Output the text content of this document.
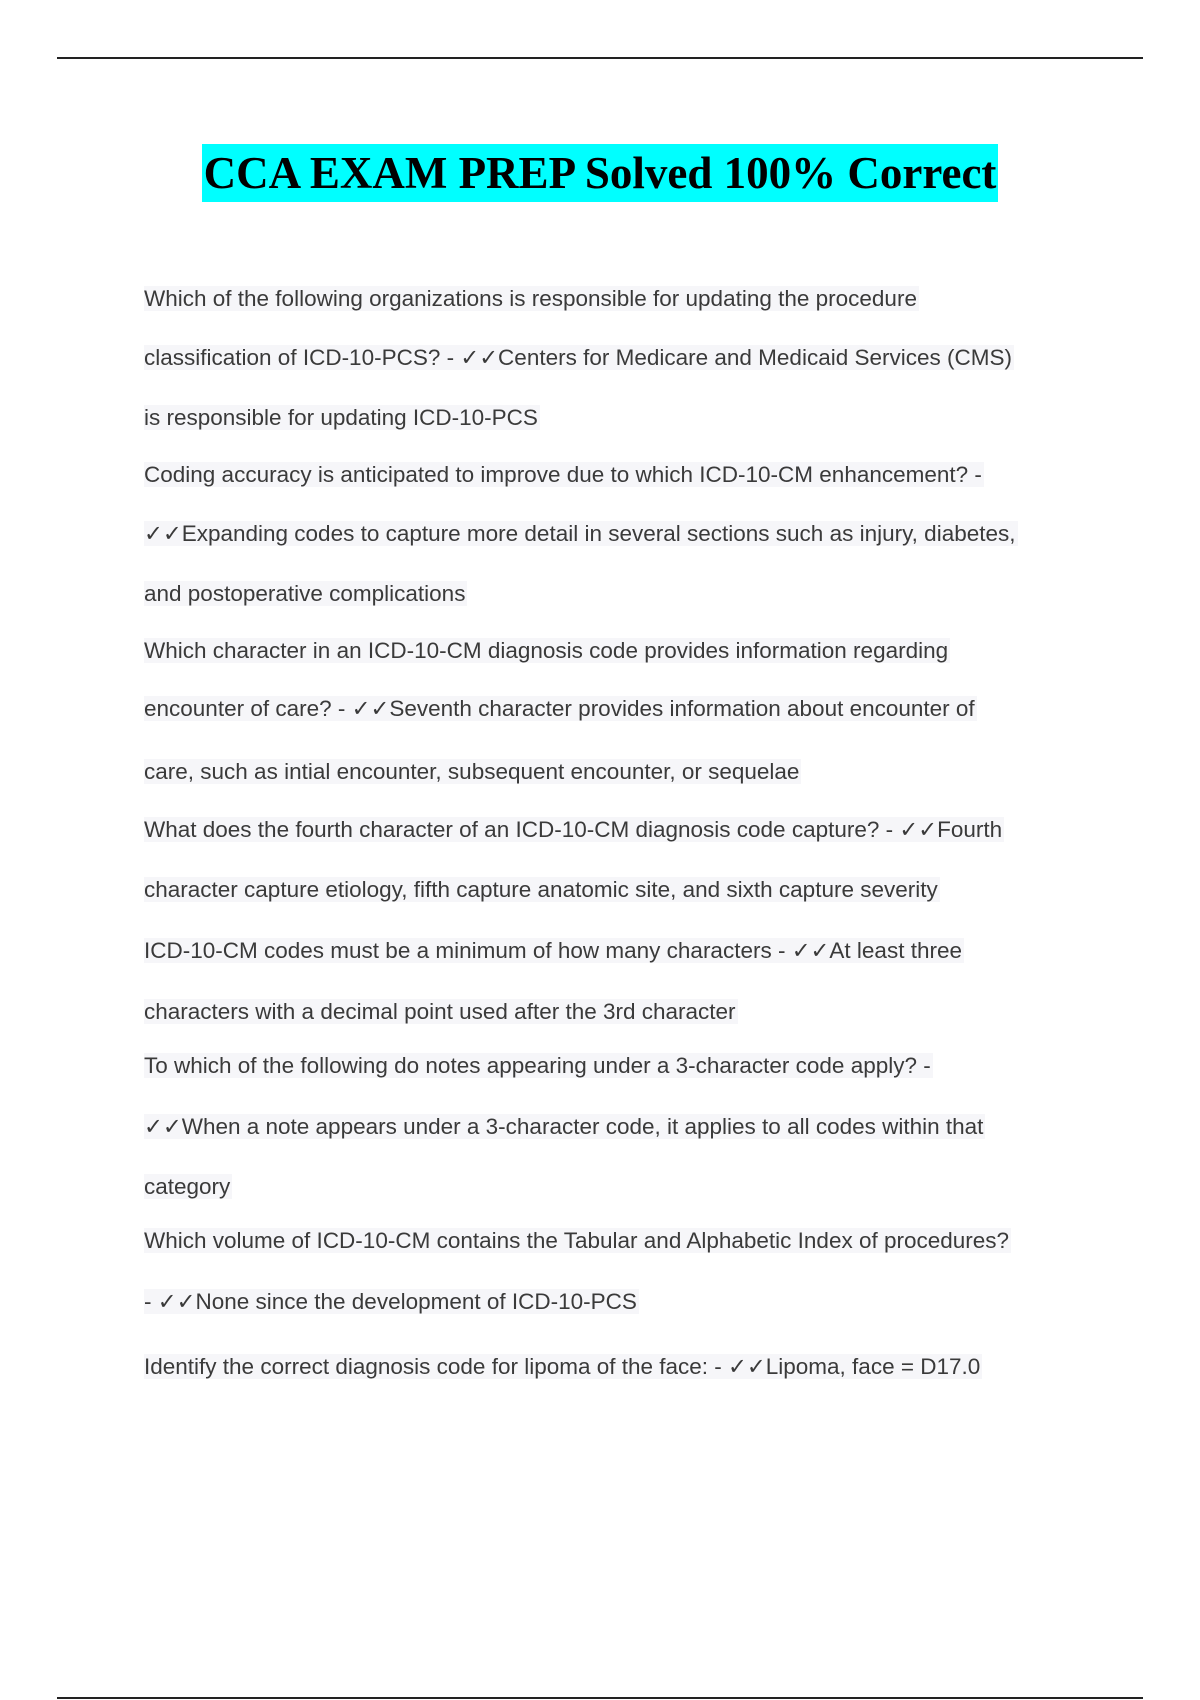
CCA EXAM PREP Solved 100% Correct
Which of the following organizations is responsible for updating the procedure
classification of ICD-10-PCS? - ✓✓Centers for Medicare and Medicaid Services (CMS)
is responsible for updating ICD-10-PCS
Coding accuracy is anticipated to improve due to which ICD-10-CM enhancement? -
✓✓Expanding codes to capture more detail in several sections such as injury, diabetes,
and postoperative complications
Which character in an ICD-10-CM diagnosis code provides information regarding
encounter of care? - ✓✓Seventh character provides information about encounter of
care, such as intial encounter, subsequent encounter, or sequelae
What does the fourth character of an ICD-10-CM diagnosis code capture? - ✓✓Fourth
character capture etiology, fifth capture anatomic site, and sixth capture severity
ICD-10-CM codes must be a minimum of how many characters - ✓✓At least three
characters with a decimal point used after the 3rd character
To which of the following do notes appearing under a 3-character code apply? -
✓✓When a note appears under a 3-character code, it applies to all codes within that
category
Which volume of ICD-10-CM contains the Tabular and Alphabetic Index of procedures?
- ✓✓None since the development of ICD-10-PCS
Identify the correct diagnosis code for lipoma of the face: - ✓✓Lipoma, face = D17.0
